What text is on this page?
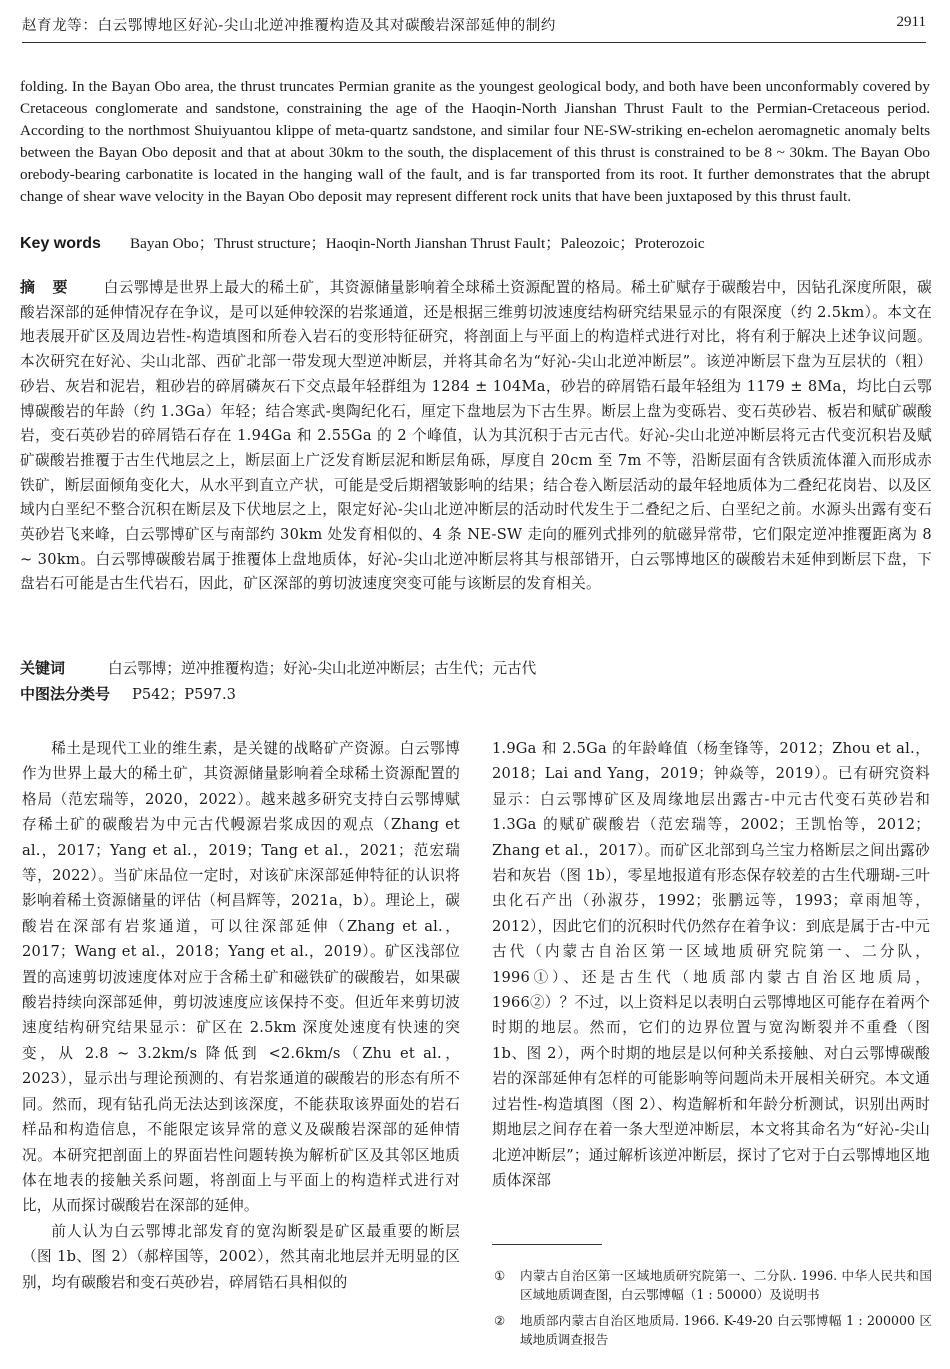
赵育龙等：白云鄂博地区好沁-尖山北逆冲推覆构造及其对碳酸岩深部延伸的制约	2911
folding. In the Bayan Obo area, the thrust truncates Permian granite as the youngest geological body, and both have been unconformably covered by Cretaceous conglomerate and sandstone, constraining the age of the Haoqin-North Jianshan Thrust Fault to the Permian-Cretaceous period. According to the northmost Shuiyuantou klippe of meta-quartz sandstone, and similar four NE-SW-striking en-echelon aeromagnetic anomaly belts between the Bayan Obo deposit and that at about 30km to the south, the displacement of this thrust is constrained to be 8 ~ 30km. The Bayan Obo orebody-bearing carbonatite is located in the hanging wall of the fault, and is far transported from its root. It further demonstrates that the abrupt change of shear wave velocity in the Bayan Obo deposit may represent different rock units that have been juxtaposed by this thrust fault.
Key words Bayan Obo；Thrust structure；Haoqin-North Jianshan Thrust Fault；Paleozoic；Proterozoic
摘 要 白云鄂博是世界上最大的稀土矿，其资源储量影响着全球稀土资源配置的格局。稀土矿赋存于碳酸岩中，因钻孔深度所限，碳酸岩深部的延伸情况存在争议，是可以延伸较深的岩浆通道，还是根据三维剪切波速度结构研究结果显示的有限深度（约 2.5km）。本文在地表展开矿区及周边岩性-构造填图和所卷入岩石的变形特征研究，将剖面上与平面上的构造样式进行对比，将有利于解决上述争议问题。本次研究在好沁、尖山北部、西矿北部一带发现大型逆冲断层，并将其命名为“好沁-尖山北逆冲断层”。该逆冲断层下盘为互层状的（粗）砂岩、灰岩和泥岩，粗砂岩的碎屑磷灰石下交点最年轻群组为 1284 ± 104Ma，砂岩的碎屑锆石最年轻组为 1179 ± 8Ma，均比白云鄂博碳酸岩的年龄（约 1.3Ga）年轻；结合寒武-奥陶纪化石，厘定下盘地层为下古生界。断层上盘为变砾岩、变石英砂岩、板岩和赋矿碳酸岩，变石英砂岩的碎屑锆石存在 1.94Ga 和 2.55Ga 的 2 个峰值，认为其沉积于古元古代。好沁-尖山北逆冲断层将元古代变沉积岩及赋矿碳酸岩推覆于古生代地层之上，断层面上广泛发育断层泥和断层角砾，厚度自 20cm 至 7m 不等，沿断层面有含铁质流体灌入而形成赤铁矿，断层面倾角变化大，从水平到直立产状，可能是受后期褶皱影响的结果；结合卷入断层活动的最年轻地质体为二叠纪花岗岩、以及区域内白垩纪不整合沉积在断层及下伏地层之上，限定好沁-尖山北逆冲断层的活动时代发生于二叠纪之后、白垩纪之前。水源头出露有变石英砂岩飞来峰，白云鄂博矿区与南部约 30km 处发育相似的、4 条 NE-SW 走向的雁列式排列的航磁异常带，它们限定逆冲推覆距离为 8 ~ 30km。白云鄂博碳酸岩属于推覆体上盘地质体，好沁-尖山北逆冲断层将其与根部错开，白云鄂博地区的碳酸岩未延伸到断层下盘，下盘岩石可能是古生代岩石，因此，矿区深部的剪切波速度突变可能与该断层的发育相关。
关键词	白云鄂博；逆冲推覆构造；好沁-尖山北逆冲断层；古生代；元古代
中图法分类号 P542；P597.3

稀土是现代工业的维生素，是关键的战略矿产资源。白云鄂博作为世界上最大的稀土矿，其资源储量影响着全球稀土资源配置的格局（范宏瑞等，2020，2022）。越来越多研究支持白云鄂博赋存稀土矿的碳酸岩为中元古代幔源岩浆成因的观点（Zhang et al.，2017；Yang et al.，2019；Tang et al.，2021；范宏瑞等，2022）。当矿床品位一定时，对该矿床深部延伸特征的认识将影响着稀土资源储量的评估（柯昌辉等，2021a，b）。理论上，碳酸岩在深部有岩浆通道，可以往深部延伸（Zhang et al.，2017；Wang et al.，2018；Yang et al.，2019）。矿区浅部位置的高速剪切波速度体对应于含稀土矿和磁铁矿的碳酸岩，如果碳酸岩持续向深部延伸，剪切波速度应该保持不变。但近年来剪切波速度结构研究结果显示：矿区在 2.5km 深度处速度有快速的突变，从 2.8 ~ 3.2km/s 降低到 <2.6km/s（Zhu et al.，2023），显示出与理论预测的、有岩浆通道的碳酸岩的形态有所不同。然而，现有钻孔尚无法达到该深度，不能获取该界面处的岩石样品和构造信息，不能限定该异常的意义及碳酸岩深部的延伸情况。本研究把剖面上的界面岩性问题转换为解析矿区及其邻区地质体在地表的接触关系问题，将剖面上与平面上的构造样式进行对比，从而探讨碳酸岩在深部的延伸。

前人认为白云鄂博北部发育的宽沟断裂是矿区最重要的断层（图 1b、图 2）（郝梓国等，2002），然其南北地层并无明显的区别，均有碳酸岩和变石英砂岩，碎屑锆石具相似的

1.9Ga 和 2.5Ga 的年龄峰值（杨奎锋等，2012；Zhou et al.，2018；Lai and Yang，2019；钟焱等，2019）。已有研究资料显示：白云鄂博矿区及周缘地层出露古-中元古代变石英砂岩和 1.3Ga 的赋矿碳酸岩（范宏瑞等，2002；王凯怡等，2012；Zhang et al.，2017）。而矿区北部到乌兰宝力格断层之间出露砂岩和灰岩（图 1b），零星地报道有形态保存较差的古生代珊瑚-三叶虫化石产出（孙淑芬，1992；张鹏远等，1993；章雨旭等，2012），因此它们的沉积时代仍然存在着争议：到底是属于古-中元古代（内蒙古自治区第一区域地质研究院第一、二分队，1996①）、还是古生代（地质部内蒙古自治区地质局，1966②）？不过，以上资料足以表明白云鄂博地区可能存在着两个时期的地层。然而，它们的边界位置与宽沟断裂并不重叠（图 1b、图 2），两个时期的地层是以何种关系接触、对白云鄂博碳酸岩的深部延伸有怎样的可能影响等问题尚未开展相关研究。本文通过岩性-构造填图（图 2）、构造解析和年龄分析测试，识别出两时期地层之间存在着一条大型逆冲断层，本文将其命名为“好沁-尖山北逆冲断层”；通过解析该逆冲断层，探讨了它对于白云鄂博地区地质体深部

① 内蒙古自治区第一区域地质研究院第一、二分队. 1996. 中华人民共和国区域地质调查图，白云鄂博幅（1 : 50000）及说明书
② 地质部内蒙古自治区地质局. 1966. K-49-20 白云鄂博幅 1 : 200000 区域地质调查报告
